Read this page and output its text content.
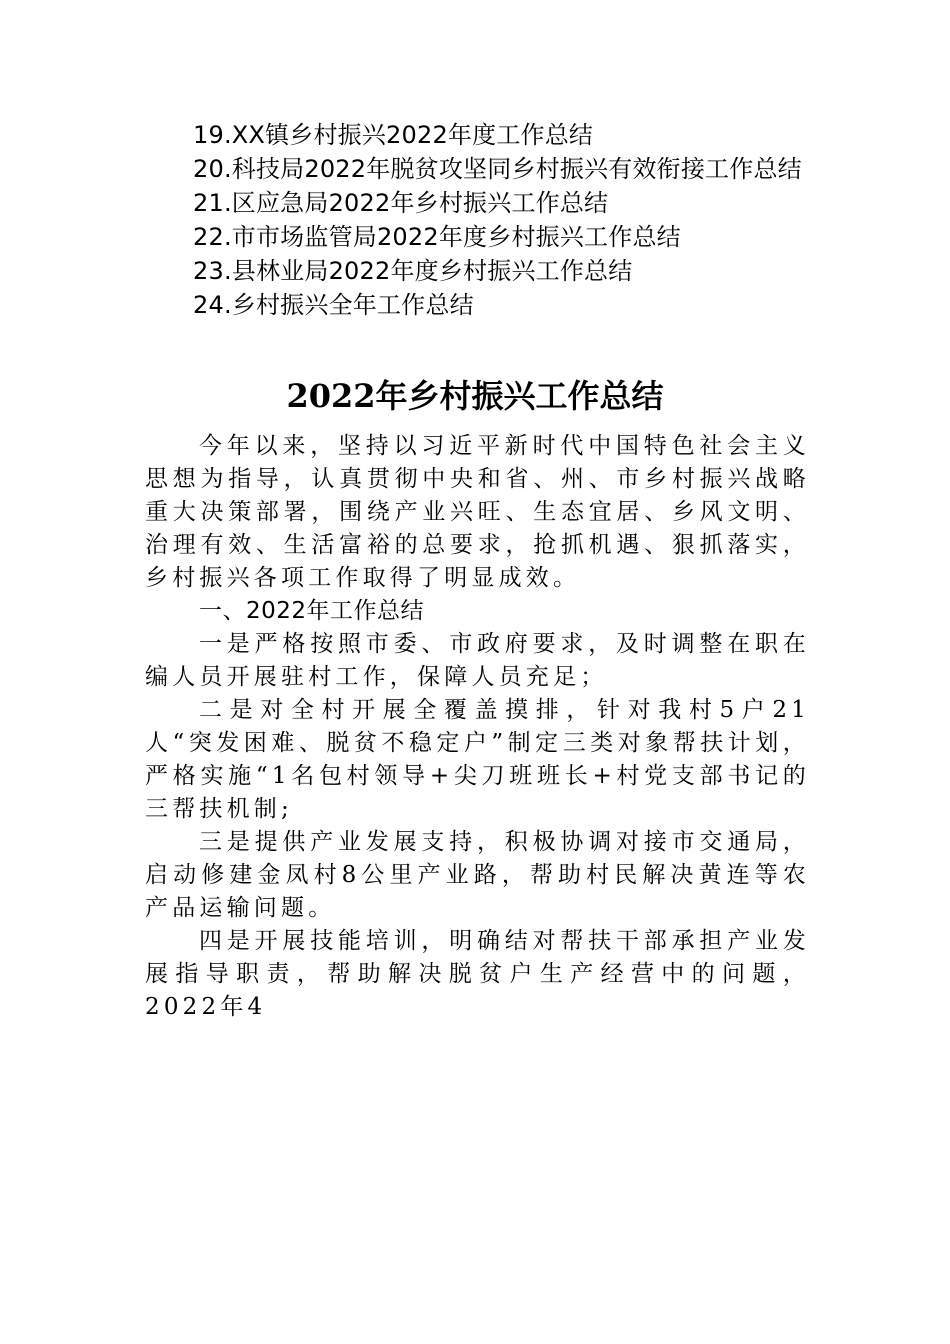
19.XX镇乡村振兴2022年度工作总结
20.科技局2022年脱贫攻坚同乡村振兴有效衔接工作总结
21.区应急局2022年乡村振兴工作总结
22.市市场监管局2022年度乡村振兴工作总结
23.县林业局2022年度乡村振兴工作总结
24.乡村振兴全年工作总结
2022年乡村振兴工作总结

今年以来，坚持以习近平新时代中国特色社会主义思想为指导，认真贯彻中央和省、州、市乡村振兴战略重大决策部署，围绕产业兴旺、生态宜居、乡风文明、治理有效、生活富裕的总要求，抢抓机遇、狠抓落实，乡村振兴各项工作取得了明显成效。

一、2022年工作总结

一是严格按照市委、市政府要求，及时调整在职在编人员开展驻村工作，保障人员充足；

二是对全村开展全覆盖摸排，针对我村5户21人“突发困难、脱贫不稳定户”制定三类对象帮扶计划，严格实施“1名包村领导+尖刀班班长+村党支部书记的三帮扶机制;

三是提供产业发展支持，积极协调对接市交通局，启动修建金凤村8公里产业路，帮助村民解决黄连等农产品运输问题。

四是开展技能培训，明确结对帮扶干部承担产业发展指导职责，帮助解决脱贫户生产经营中的问题，2022年4
